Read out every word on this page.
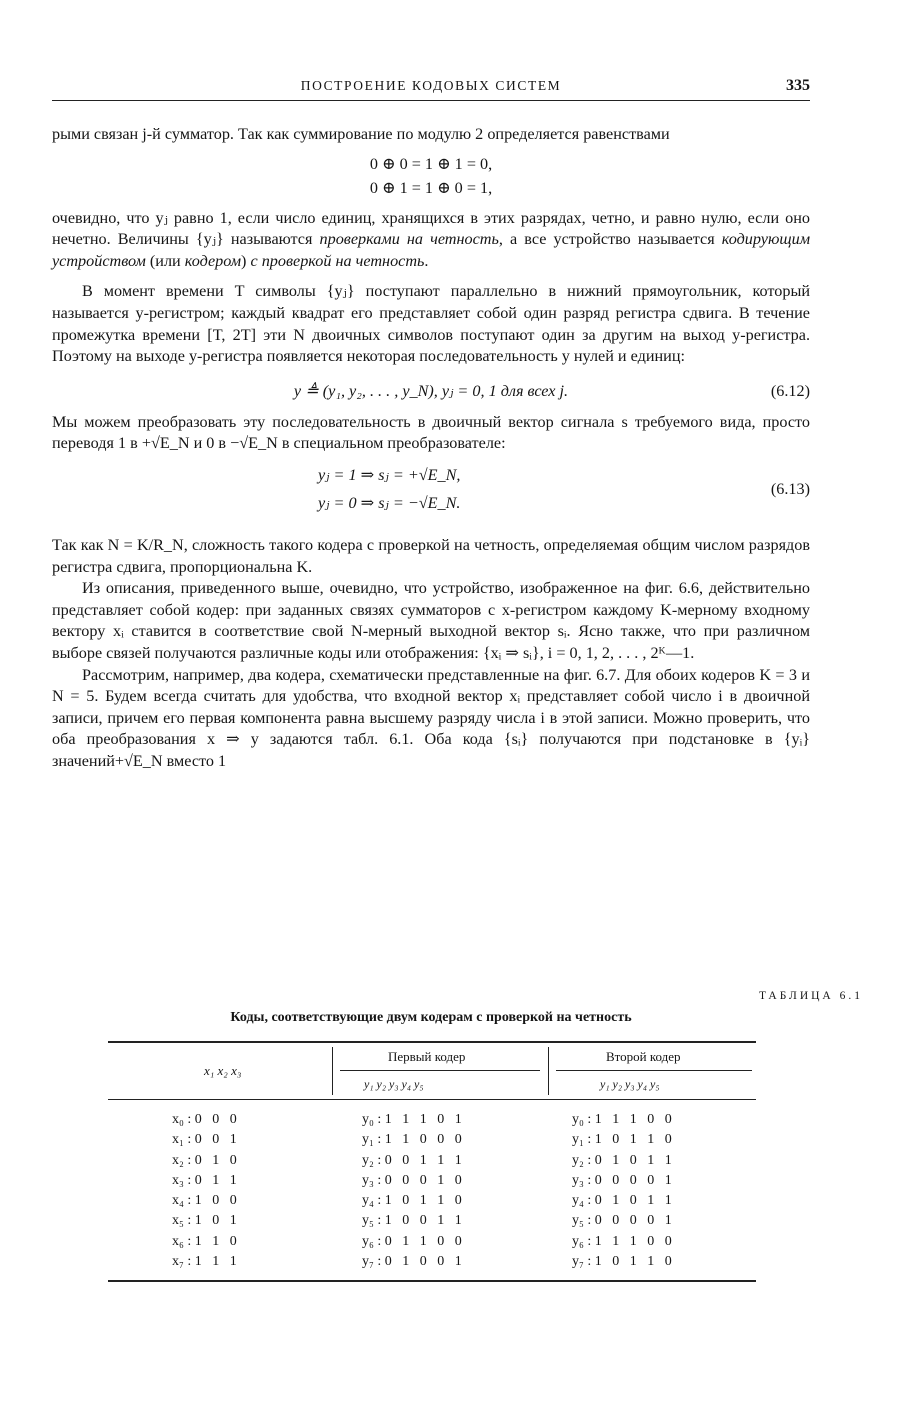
ПОСТРОЕНИЕ КОДОВЫХ СИСТЕМ	335

рыми связан j-й сумматор. Так как суммирование по модулю 2 определяется равенствами

0 ⊕ 0 = 1 ⊕ 1 = 0,
0 ⊕ 1 = 1 ⊕ 0 = 1,

очевидно, что yⱼ равно 1, если число единиц, хранящихся в этих разрядах, четно, и равно нулю, если оно нечетно. Величины {yⱼ} называются проверками на четность, а все устройство называется кодирующим устройством (или кодером) с проверкой на четность.

В момент времени T символы {yⱼ} поступают параллельно в нижний прямоугольник, который называется y-регистром; каждый квадрат его представляет собой один разряд регистра сдвига. В течение промежутка времени [T, 2T] эти N двоичных символов поступают один за другим на выход y-регистра. Поэтому на выходе y-регистра появляется некоторая последовательность y нулей и единиц:

y ≜ (y₁, y₂, . . . , y_N), yⱼ = 0, 1 для всех j.	(6.12)

Мы можем преобразовать эту последовательность в двоичный вектор сигнала s требуемого вида, просто переводя 1 в +√E_N и 0 в −√E_N в специальном преобразователе:

yⱼ = 1 ⇒ sⱼ = +√E_N,
yⱼ = 0 ⇒ sⱼ = −√E_N.
(6.13)

Так как N = K/R_N, сложность такого кодера с проверкой на четность, определяемая общим числом разрядов регистра сдвига, пропорциональна K.

Из описания, приведенного выше, очевидно, что устройство, изображенное на фиг. 6.6, действительно представляет собой кодер: при заданных связях сумматоров с x-регистром каждому K-мерному входному вектору xᵢ ставится в соответствие свой N-мерный выходной вектор sᵢ. Ясно также, что при различном выборе связей получаются различные коды или отображения: {xᵢ ⇒ sᵢ}, i = 0, 1, 2, . . . , 2ᴷ—1.

Рассмотрим, например, два кодера, схематически представленные на фиг. 6.7. Для обоих кодеров K = 3 и N = 5. Будем всегда считать для удобства, что входной вектор xᵢ представляет собой число i в двоичной записи, причем его первая компонента равна высшему разряду числа i в этой записи. Можно проверить, что оба преобразования x ⇒ y задаются табл. 6.1. Оба кода {sᵢ} получаются при подстановке в {yᵢ} значений+√E_N вместо 1

ТАБЛИЦА 6.1
Коды, соответствующие двум кодерам с проверкой на четность
x₁ x₂ x₃
Первый кодер	Второй кодер
y₁ y₂ y₃ y₄ y₅	y₁ y₂ y₃ y₄ y₅
x₀ : 0   0   0	y₀ : 1   1   1   0   1	y₀ : 1   1   1   0   0
x₁ : 0   0   1	y₁ : 1   1   0   0   0	y₁ : 1   0   1   1   0
x₂ : 0   1   0	y₂ : 0   0   1   1   1	y₂ : 0   1   0   1   1
x₃ : 0   1   1	y₃ : 0   0   0   1   0	y₃ : 0   0   0   0   1
x₄ : 1   0   0	y₄ : 1   0   1   1   0	y₄ : 0   1   0   1   1
x₅ : 1   0   1	y₅ : 1   0   0   1   1	y₅ : 0   0   0   0   1
x₆ : 1   1   0	y₆ : 0   1   1   0   0	y₆ : 1   1   1   0   0
x₇ : 1   1   1	y₇ : 0   1   0   0   1	y₇ : 1   0   1   1   0
